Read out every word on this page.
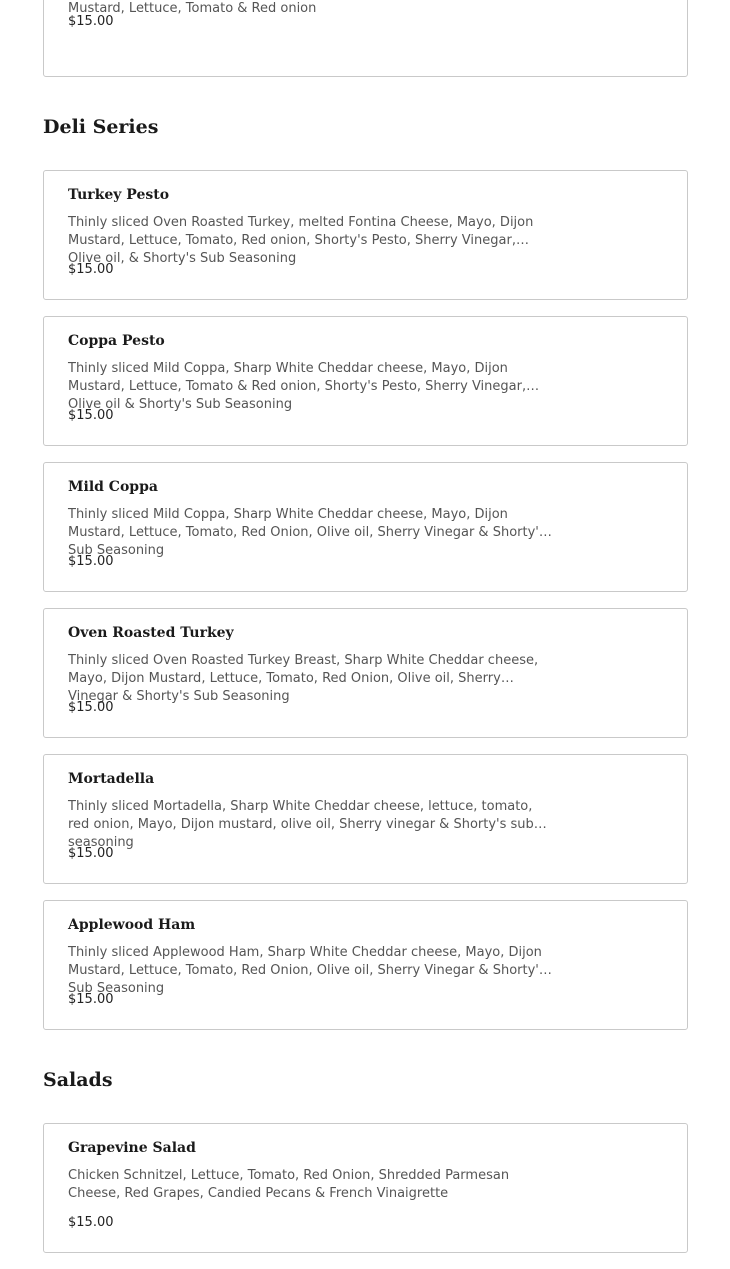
Mustard, Lettuce, Tomato & Red onion
$15.00
Deli Series
Turkey Pesto
Thinly sliced Oven Roasted Turkey, melted Fontina Cheese, Mayo, Dijon Mustard, Lettuce, Tomato, Red onion, Shorty's Pesto, Sherry Vinegar, Olive oil, & Shorty's Sub Seasoning
$15.00
Coppa Pesto
Thinly sliced Mild Coppa, Sharp White Cheddar cheese, Mayo, Dijon Mustard, Lettuce, Tomato & Red onion, Shorty's Pesto, Sherry Vinegar, Olive oil & Shorty's Sub Seasoning
$15.00
Mild Coppa
Thinly sliced Mild Coppa, Sharp White Cheddar cheese, Mayo, Dijon Mustard, Lettuce, Tomato, Red Onion, Olive oil, Sherry Vinegar & Shorty's Sub Seasoning
$15.00
Oven Roasted Turkey
Thinly sliced Oven Roasted Turkey Breast, Sharp White Cheddar cheese, Mayo, Dijon Mustard, Lettuce, Tomato, Red Onion, Olive oil, Sherry Vinegar & Shorty's Sub Seasoning
$15.00
Mortadella
Thinly sliced Mortadella, Sharp White Cheddar cheese, lettuce, tomato, red onion, Mayo, Dijon mustard, olive oil, Sherry vinegar & Shorty's sub seasoning
$15.00
Applewood Ham
Thinly sliced Applewood Ham, Sharp White Cheddar cheese, Mayo, Dijon Mustard, Lettuce, Tomato, Red Onion, Olive oil, Sherry Vinegar & Shorty's Sub Seasoning
$15.00
Salads
Grapevine Salad
Chicken Schnitzel, Lettuce, Tomato, Red Onion, Shredded Parmesan Cheese, Red Grapes, Candied Pecans & French Vinaigrette
$15.00
